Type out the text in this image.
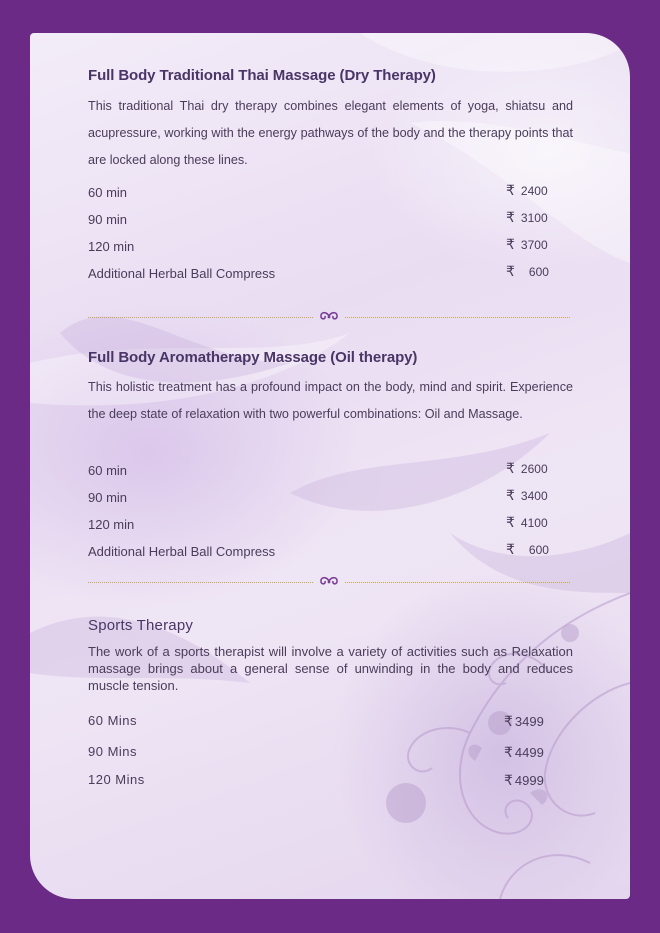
Full Body Traditional Thai Massage (Dry Therapy)

This traditional Thai dry therapy combines elegant elements of yoga, shiatsu and acupressure, working with the energy pathways of the body and the therapy points that are locked along these lines.

60 min	₹ 2400
90 min	₹ 3100
120 min	₹ 3700
Additional Herbal Ball Compress	₹ 600
Full Body Aromatherapy Massage (Oil therapy)

This holistic treatment has a profound impact on the body, mind and spirit. Experience the deep state of relaxation with two powerful combinations: Oil and Massage.

60 min	₹ 2600
90 min	₹ 3400
120 min	₹ 4100
Additional Herbal Ball Compress	₹ 600
Sports Therapy

The work of a sports therapist will involve a variety of activities such as Relaxation massage brings about a general sense of unwinding in the body and reduces muscle tension.

60 Mins	₹ 3499
90 Mins	₹ 4499
120 Mins	₹ 4999
